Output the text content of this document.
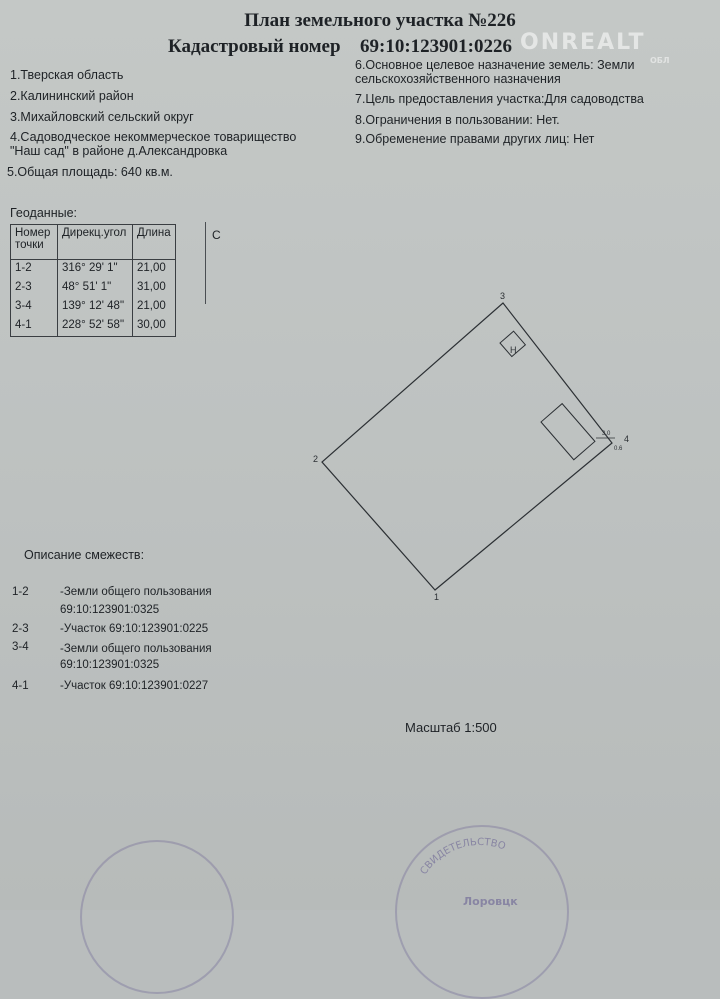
План земельного участка №226
Кадастровый номер 69:10:123901:0226 ONREALT
ОБЛ
1.Тверская область
2.Калининский район
3.Михайловский сельский округ
4.Садоводческое некоммерческое товарищество
"Наш сад" в районе д.Александровка
5.Общая площадь: 640 кв.м.
6.Основное целевое назначение земель: Земли
сельскохозяйственного назначения
7.Цель предоставления участка:Для садоводства
8.Ограничения в пользовании: Нет.
9.Обременение правами других лиц: Нет
Геоданные:
Номер точки	Дирекц.угол	Длина
1-2	316° 29' 1"	21,00
2-3	48° 51' 1"	31,00
3-4	139° 12' 48"	21,00
4-1	228° 52' 58"	30,00
С
Н
3.0
0.6
1
2
3
4
Описание смежеств:
1-2	-Земли общего пользования
69:10:123901:0325
2-3	-Участок 69:10:123901:0225
3-4	-Земли общего пользования
69:10:123901:0325
4-1	-Участок 69:10:123901:0227
Масштаб 1:500
СВИДЕТЕЛЬСТВО
Лоровцк
